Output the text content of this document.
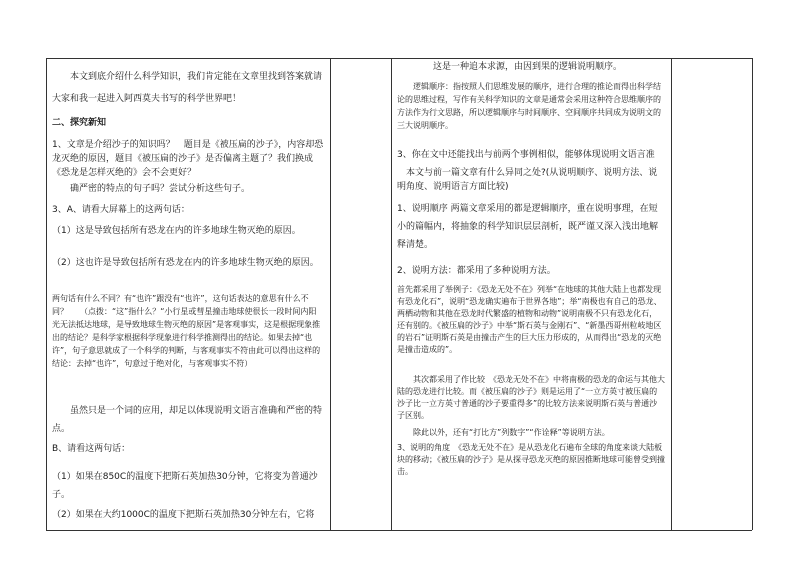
本文到底介绍什么科学知识，我们肯定能在文章里找到答案就请大家和我一起进入阿西莫夫书写的科学世界吧！
二、探究新知
1、文章是介绍沙子的知识吗？　题目是《被压扁的沙子》，内容却恐龙灭绝的原因，题目《被压扁的沙子》是否偏离主题了？我们换成《恐龙是怎样灭绝的》会不会更好？
确严密的特点的句子吗？尝试分析这些句子。
3、A、请看大屏幕上的这两句话：
（1）这是导致包括所有恐龙在内的许多地球生物灭绝的原因。
（2）这也许是导致包括所有恐龙在内的许多地球生物灭绝的原因。
两句话有什么不同？有“也许”跟没有“也许”，这句话表达的意思有什么不同？　　（点拨：“这”指什么？“小行星或彗星撞击地球使很长一段时间内阳光无法抵达地球，是导致地球生物灭绝的原因”是客观事实，这是根据现象推出的结论？是科学家根据科学现象进行科学推测得出的结论。如果去掉“也许”，句子意思就成了一个科学的判断，与客观事实不符由此可以得出这样的结论：去掉“也许”，句意过于绝对化，与客观事实不符）
虽然只是一个词的应用，却足以体现说明文语言准确和严密的特点。
B、请看这两句话：
（1）如果在850C的温度下把斯石英加热30分钟，它将变为普通沙子。
（2）如果在大约1000C的温度下把斯石英加热30分钟左右，它将
这是一种追本求源，由因到果的逻辑说明顺序。
逻辑顺序：指按照人们思维发展的顺序，进行合理的推论而得出科学结论的思维过程，写作有关科学知识的文章是通常会采用这种符合思维顺序的方法作为行文思路，所以逻辑顺序与时间顺序、空间顺序共同成为说明文的三大说明顺序。
3、你在文中还能找出与前两个事例相似，能够体现说明文语言准
本文与前一篇文章有什么异同之处?(从说明顺序、说明方法、说明角度、说明语言方面比较)
1、说明顺序 两篇文章采用的都是逻辑顺序，重在说明事理，在短小的篇幅内，将抽象的科学知识层层剖析，既严谨又深入浅出地解释清楚。
2、说明方法：都采用了多种说明方法。
首先都采用了举例子：《恐龙无处不在》列举“在地球的其他大陆上也都发现有恐龙化石”，说明“恐龙确实遍布于世界各地”；举“南极也有自己的恐龙、两栖动物和其他在恐龙时代繁盛的植物和动物”说明南极不只有恐龙化石，还有别的。《被压扁的沙子》中举“斯石英与金刚石”、“新墨西哥州粒岐地区的岩石”证明斯石英是由撞击产生的巨大压力形成的，从而得出“恐龙的灭绝是撞击造成的”。
其次都采用了作比较　《恐龙无处不在》中将南极的恐龙的命运与其他大陆的恐龙进行比较。而《被压扁的沙子》则是运用了“一立方英寸被压扁的沙子比一立方英寸普通的沙子要重得多”的比较方法来说明斯石英与普通沙子区别。
除此以外，还有“打比方”列数字”“作诠释”等说明方法。
3、说明的角度　《恐龙无处不在》是从恐龙化石遍布全球的角度来谈大陆板块的移动；《被压扁的沙子》是从探寻恐龙灭绝的原因推断地球可能曾受到撞击。
